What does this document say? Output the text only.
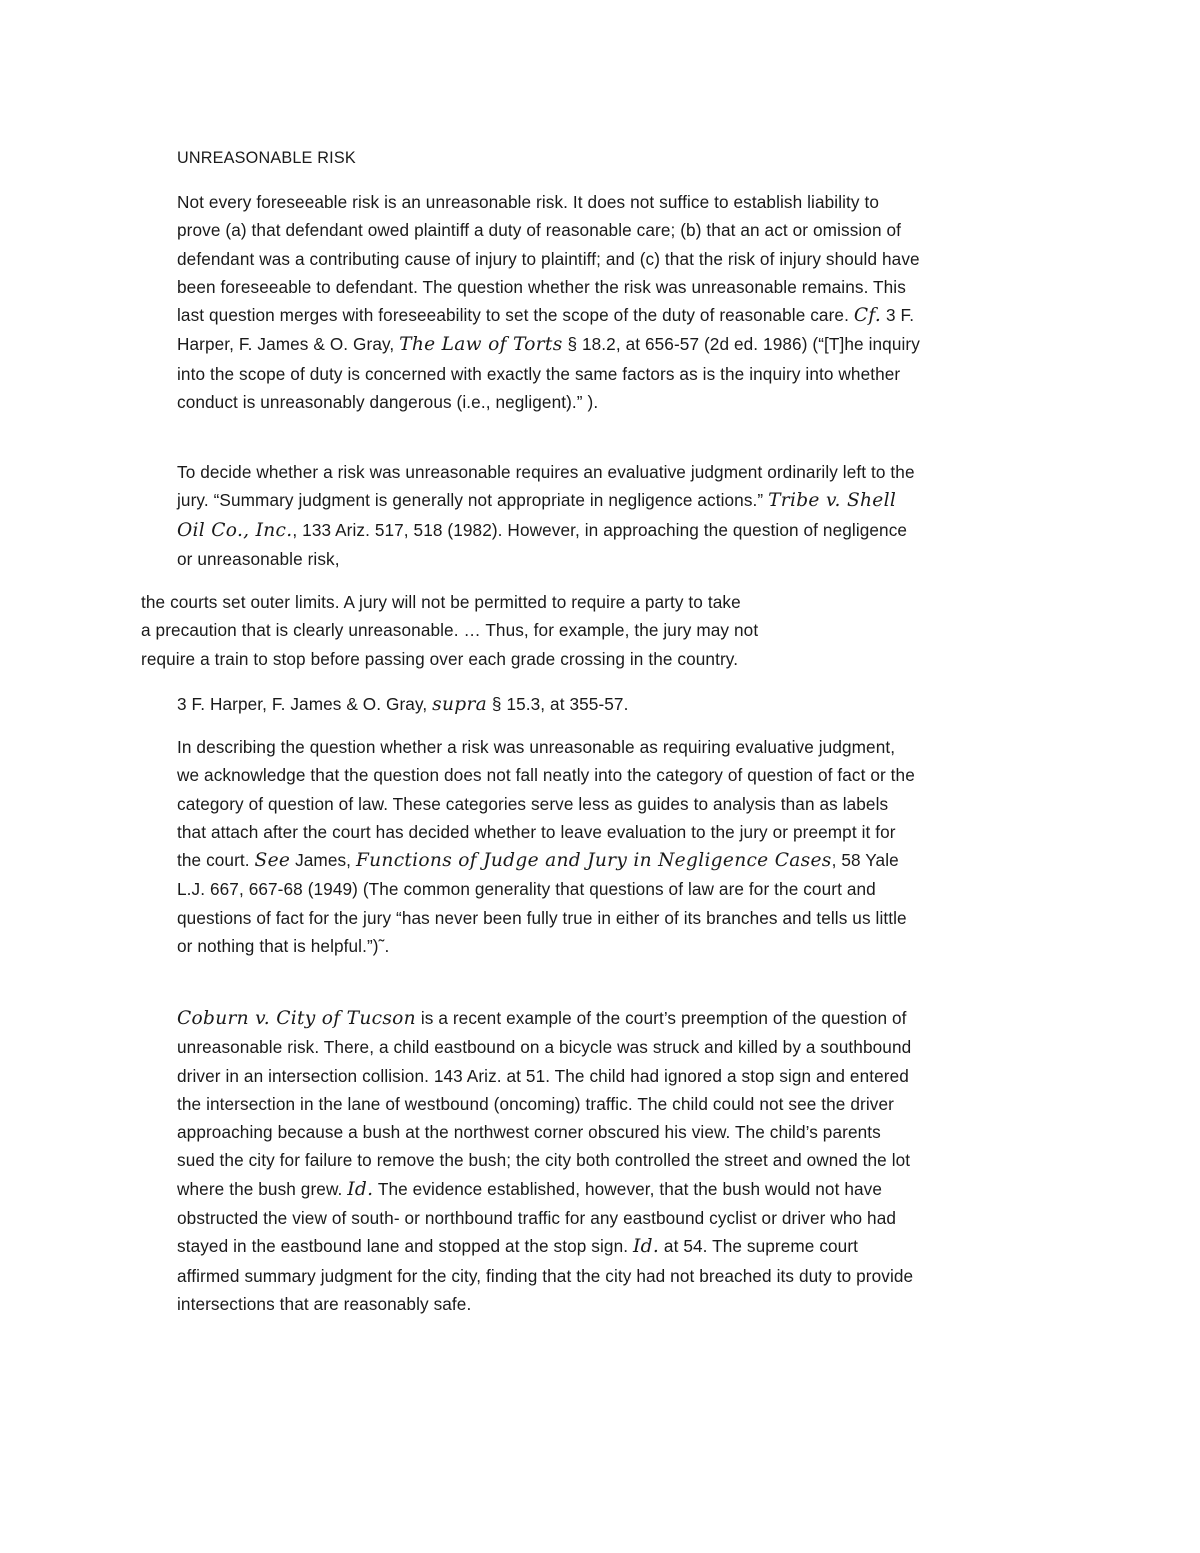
UNREASONABLE RISK

Not every foreseeable risk is an unreasonable risk. It does not suffice to establish liability to prove (a) that defendant owed plaintiff a duty of reasonable care; (b) that an act or omission of defendant was a contributing cause of injury to plaintiff; and (c) that the risk of injury should have been foreseeable to defendant. The question whether the risk was unreasonable remains. This last question merges with foreseeability to set the scope of the duty of reasonable care. Cf. 3 F. Harper, F. James & O. Gray, The Law of Torts § 18.2, at 656-57 (2d ed. 1986) (“[T]he inquiry into the scope of duty is concerned with exactly the same factors as is the inquiry into whether conduct is unreasonably dangerous (i.e., negligent).” ).

To decide whether a risk was unreasonable requires an evaluative judgment ordinarily left to the jury. “Summary judgment is generally not appropriate in negligence actions.” Tribe v. Shell Oil Co., Inc., 133 Ariz. 517, 518 (1982). However, in approaching the question of negligence or unreasonable risk,

the courts set outer limits. A jury will not be permitted to require a party to take
a precaution that is clearly unreasonable. … Thus, for example, the jury may not
require a train to stop before passing over each grade crossing in the country.

3 F. Harper, F. James & O. Gray, supra § 15.3, at 355-57.

In describing the question whether a risk was unreasonable as requiring evaluative judgment, we acknowledge that the question does not fall neatly into the category of question of fact or the category of question of law. These categories serve less as guides to analysis than as labels that attach after the court has decided whether to leave evaluation to the jury or preempt it for the court. See James, Functions of Judge and Jury in Negligence Cases, 58 Yale L.J. 667, 667-68 (1949) (The common generality that questions of law are for the court and questions of fact for the jury “has never been fully true in either of its branches and tells us little or nothing that is helpful.”)˜.

Coburn v. City of Tucson is a recent example of the court’s preemption of the question of unreasonable risk. There, a child eastbound on a bicycle was struck and killed by a southbound driver in an intersection collision. 143 Ariz. at 51. The child had ignored a stop sign and entered the intersection in the lane of westbound (oncoming) traffic. The child could not see the driver approaching because a bush at the northwest corner obscured his view. The child’s parents sued the city for failure to remove the bush; the city both controlled the street and owned the lot where the bush grew. Id. The evidence established, however, that the bush would not have obstructed the view of south- or northbound traffic for any eastbound cyclist or driver who had stayed in the eastbound lane and stopped at the stop sign. Id. at 54. The supreme court affirmed summary judgment for the city, finding that the city had not breached its duty to provide intersections that are reasonably safe.
